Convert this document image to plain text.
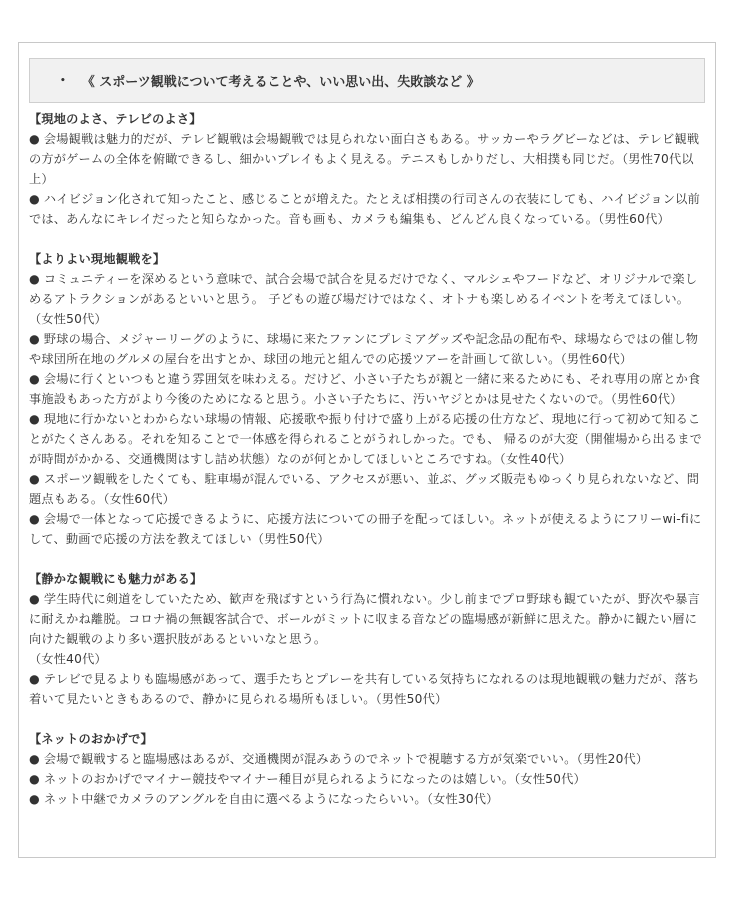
• 《 スポーツ観戦について考えることや、いい思い出、失敗談など 》
【現地のよさ、テレビのよさ】
● 会場観戦は魅力的だが、テレビ観戦は会場観戦では見られない面白さもある。サッカーやラグビーなどは、テレビ観戦の方がゲームの全体を俯瞰できるし、細かいプレイもよく見える。テニスもしかりだし、大相撲も同じだ。（男性70代以上）
● ハイビジョン化されて知ったこと、感じることが増えた。たとえば相撲の行司さんの衣装にしても、ハイビジョン以前では、あんなにキレイだったと知らなかった。音も画も、カメラも編集も、どんどん良くなっている。（男性60代）
【よりよい現地観戦を】
● コミュニティーを深めるという意味で、試合会場で試合を見るだけでなく、マルシェやフードなど、オリジナルで楽しめるアトラクションがあるといいと思う。 子どもの遊び場だけではなく、オトナも楽しめるイベントを考えてほしい。（女性50代）
● 野球の場合、メジャーリーグのように、球場に来たファンにプレミアグッズや記念品の配布や、球場ならではの催し物や球団所在地のグルメの屋台を出すとか、球団の地元と組んでの応援ツアーを計画して欲しい。（男性60代）
● 会場に行くといつもと違う雰囲気を味わえる。だけど、小さい子たちが親と一緒に来るためにも、それ専用の席とか食事施設もあった方がより今後のためになると思う。小さい子たちに、汚いヤジとかは見せたくないので。（男性60代）
● 現地に行かないとわからない球場の情報、応援歌や振り付けで盛り上がる応援の仕方など、現地に行って初めて知ることがたくさんある。それを知ることで一体感を得られることがうれしかった。でも、 帰るのが大変（開催場から出るまでが時間がかかる、交通機関はすし詰め状態）なのが何とかしてほしいところですね。（女性40代）
● スポーツ観戦をしたくても、駐車場が混んでいる、アクセスが悪い、並ぶ、グッズ販売もゆっくり見られないなど、問題点もある。（女性60代）
● 会場で一体となって応援できるように、応援方法についての冊子を配ってほしい。ネットが使えるようにフリーwi-fiにして、動画で応援の方法を教えてほしい（男性50代）
【静かな観戦にも魅力がある】
● 学生時代に剣道をしていたため、歓声を飛ばすという行為に慣れない。少し前までプロ野球も観ていたが、野次や暴言に耐えかね離脱。コロナ禍の無観客試合で、ボールがミットに収まる音などの臨場感が新鮮に思えた。静かに観たい層に向けた観戦のより多い選択肢があるといいなと思う。
（女性40代）
● テレビで見るよりも臨場感があって、選手たちとプレーを共有している気持ちになれるのは現地観戦の魅力だが、落ち着いて見たいときもあるので、静かに見られる場所もほしい。（男性50代）
【ネットのおかげで】
● 会場で観戦すると臨場感はあるが、交通機関が混みあうのでネットで視聴する方が気楽でいい。（男性20代）
● ネットのおかげでマイナー競技やマイナー種目が見られるようになったのは嬉しい。（女性50代）
● ネット中継でカメラのアングルを自由に選べるようになったらいい。（女性30代）
